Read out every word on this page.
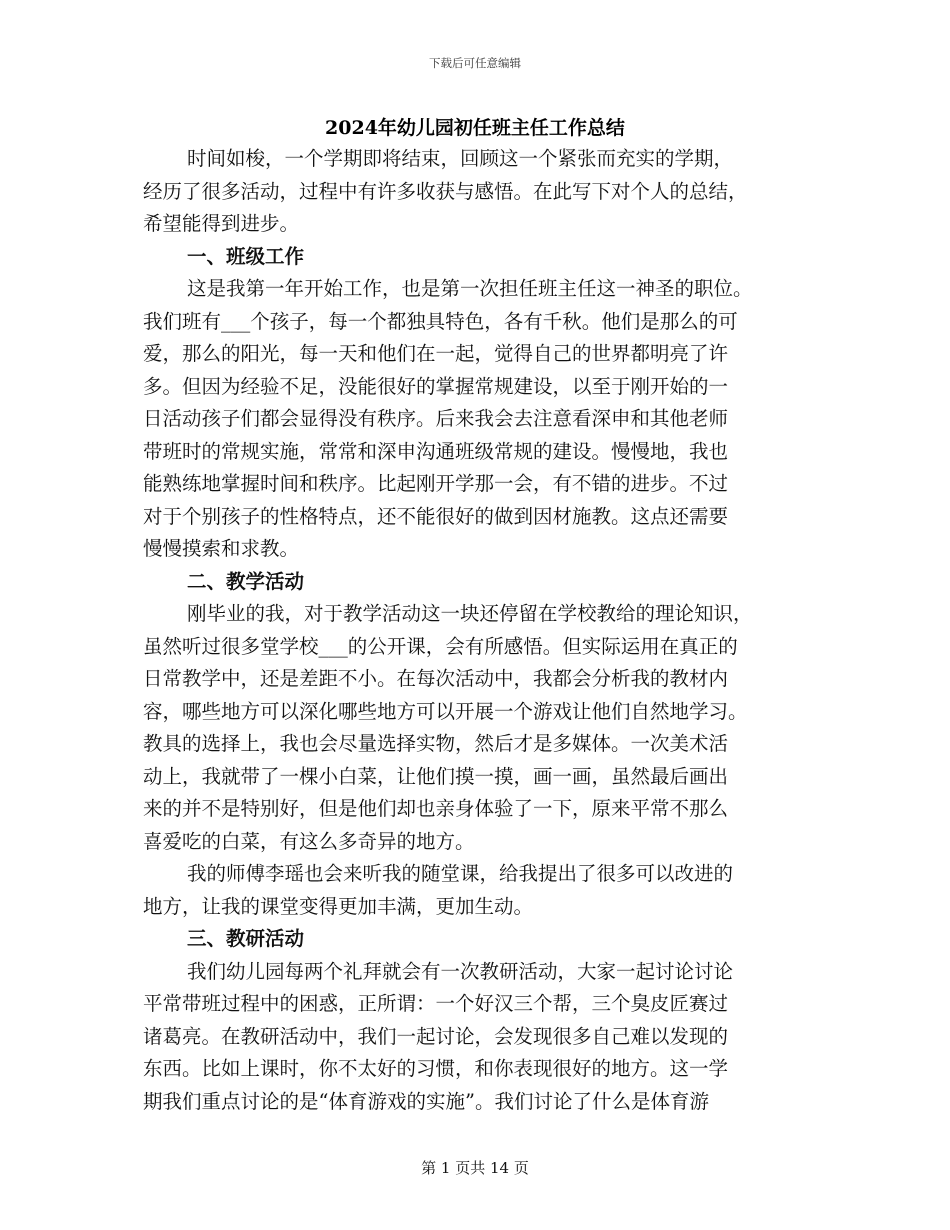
下载后可任意编辑
2024年幼儿园初任班主任工作总结
时间如梭，一个学期即将结束，回顾这一个紧张而充实的学期，
经历了很多活动，过程中有许多收获与感悟。在此写下对个人的总结，
希望能得到进步。
一、班级工作
这是我第一年开始工作，也是第一次担任班主任这一神圣的职位。
我们班有___个孩子，每一个都独具特色，各有千秋。他们是那么的可
爱，那么的阳光，每一天和他们在一起，觉得自己的世界都明亮了许
多。但因为经验不足，没能很好的掌握常规建设，以至于刚开始的一
日活动孩子们都会显得没有秩序。后来我会去注意看深申和其他老师
带班时的常规实施，常常和深申沟通班级常规的建设。慢慢地，我也
能熟练地掌握时间和秩序。比起刚开学那一会，有不错的进步。不过
对于个别孩子的性格特点，还不能很好的做到因材施教。这点还需要
慢慢摸索和求教。
二、教学活动
刚毕业的我，对于教学活动这一块还停留在学校教给的理论知识，
虽然听过很多堂学校___的公开课，会有所感悟。但实际运用在真正的
日常教学中，还是差距不小。在每次活动中，我都会分析我的教材内
容，哪些地方可以深化哪些地方可以开展一个游戏让他们自然地学习。
教具的选择上，我也会尽量选择实物，然后才是多媒体。一次美术活
动上，我就带了一棵小白菜，让他们摸一摸，画一画，虽然最后画出
来的并不是特别好，但是他们却也亲身体验了一下，原来平常不那么
喜爱吃的白菜，有这么多奇异的地方。
我的师傅李瑶也会来听我的随堂课，给我提出了很多可以改进的
地方，让我的课堂变得更加丰满，更加生动。
三、教研活动
我们幼儿园每两个礼拜就会有一次教研活动，大家一起讨论讨论
平常带班过程中的困惑，正所谓：一个好汉三个帮，三个臭皮匠赛过
诸葛亮。在教研活动中，我们一起讨论，会发现很多自己难以发现的
东西。比如上课时，你不太好的习惯，和你表现很好的地方。这一学
期我们重点讨论的是“体育游戏的实施”。我们讨论了什么是体育游
第 1 页共 14 页
